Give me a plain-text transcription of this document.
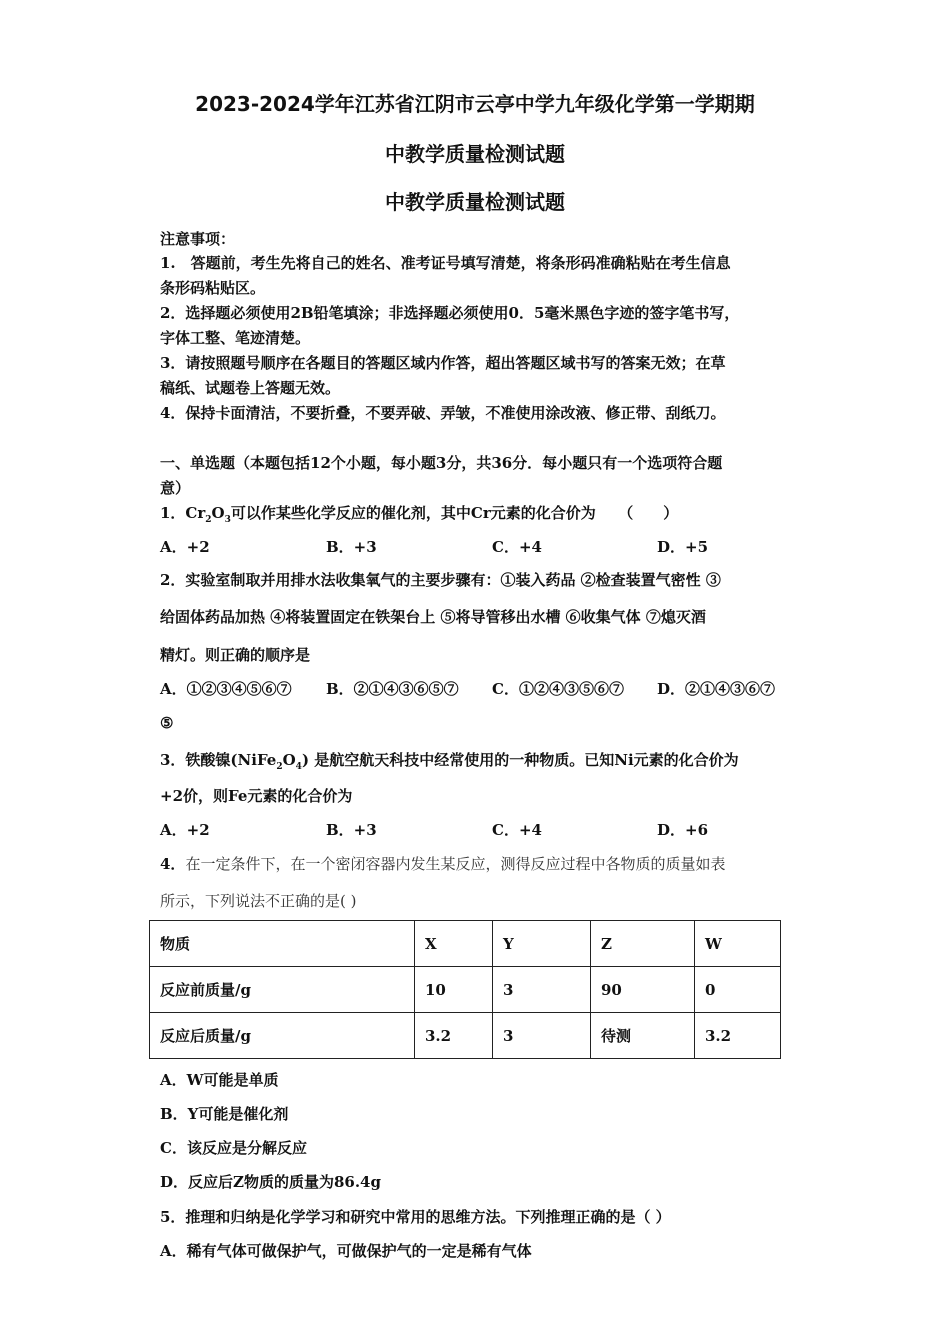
2023-2024学年江苏省江阴市云亭中学九年级化学第一学期期
中教学质量检测试题
中教学质量检测试题
注意事项：
1.　答题前，考生先将自己的姓名、准考证号填写清楚，将条形码准确粘贴在考生信息
条形码粘贴区。
2．选择题必须使用2B铅笔填涂；非选择题必须使用0．5毫米黑色字迹的签字笔书写，
字体工整、笔迹清楚。
3．请按照题号顺序在各题目的答题区域内作答，超出答题区域书写的答案无效；在草
稿纸、试题卷上答题无效。
4．保持卡面清洁，不要折叠，不要弄破、弄皱，不准使用涂改液、修正带、刮纸刀。
一、单选题（本题包括12个小题，每小题3分，共36分．每小题只有一个选项符合题
意）
1．$Cr_2O_3$可以作某些化学反应的催化剂，其中Cr元素的化合价为　　（　　）
A．+2	B．+3	C．+4	D．+5
2．实验室制取并用排水法收集氧气的主要步骤有：①装入药品 ②检查装置气密性 ③
给固体药品加热 ④将装置固定在铁架台上 ⑤将导管移出水槽 ⑥收集气体 ⑦熄灭酒
精灯。则正确的顺序是
A．①②③④⑤⑥⑦ B．②①④③⑥⑤⑦ C．①②④③⑤⑥⑦ D．②①④③⑥⑦
⑤
3．铁酸镍$(NiFe_2O_4)$ 是航空航天科技中经常使用的一种物质。已知Ni元素的化合价为
+2价，则Fe元素的化合价为
A．+2	B．+3	C．+4	D．+6
4．在一定条件下，在一个密闭容器内发生某反应，测得反应过程中各物质的质量如表
所示，下列说法不正确的是( )
物质	X	Y	Z	W
反应前质量/g	10	3	90	0
反应后质量/g	3.2	3	待测	3.2
A．W可能是单质
B．Y可能是催化剂
C．该反应是分解反应
D．反应后Z物质的质量为86.4g
5．推理和归纳是化学学习和研究中常用的思维方法。下列推理正确的是（ ）
A．稀有气体可做保护气，可做保护气的一定是稀有气体
